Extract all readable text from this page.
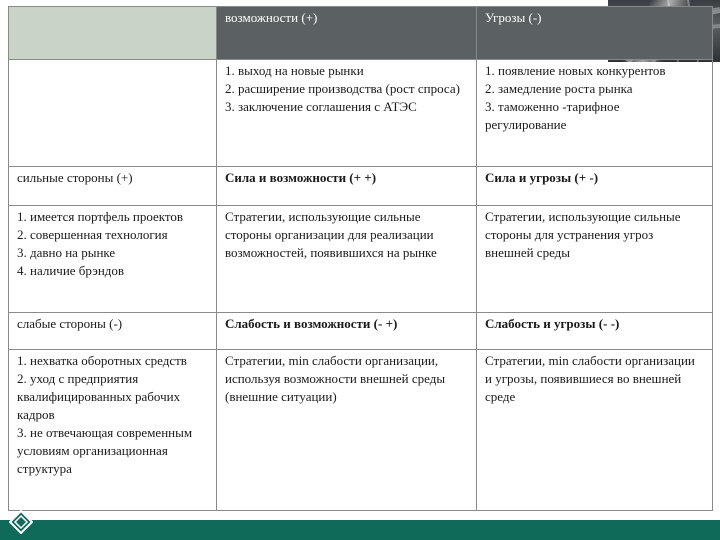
	возможности (+)	Угрозы (-)
	1. выход на новые рынки
2. расширение производства (рост спроса)
3. заключение соглашения с АТЭС	1. появление новых конкурентов
2. замедление роста рынка
3. таможенно -тарифное регулирование
сильные стороны (+)	Сила и возможности (+ +)	Сила и угрозы (+ -)
1. имеется портфель проектов
2. совершенная технология
3. давно на рынке
4. наличие брэндов	Стратегии, использующие сильные стороны организации для реализации возможностей, появившихся на рынке	Стратегии, использующие сильные стороны для устранения угроз внешней среды
слабые стороны (-)	Слабость и возможности (- +)	Слабость и угрозы (- -)
1. нехватка оборотных средств
2. уход с предприятия квалифицированных рабочих кадров
3. не отвечающая современным условиям организационная структура	Стратегии, min слабости организации, используя возможности внешней среды (внешние ситуации)	Стратегии, min слабости организации и угрозы, появившиеся во внешней среде
